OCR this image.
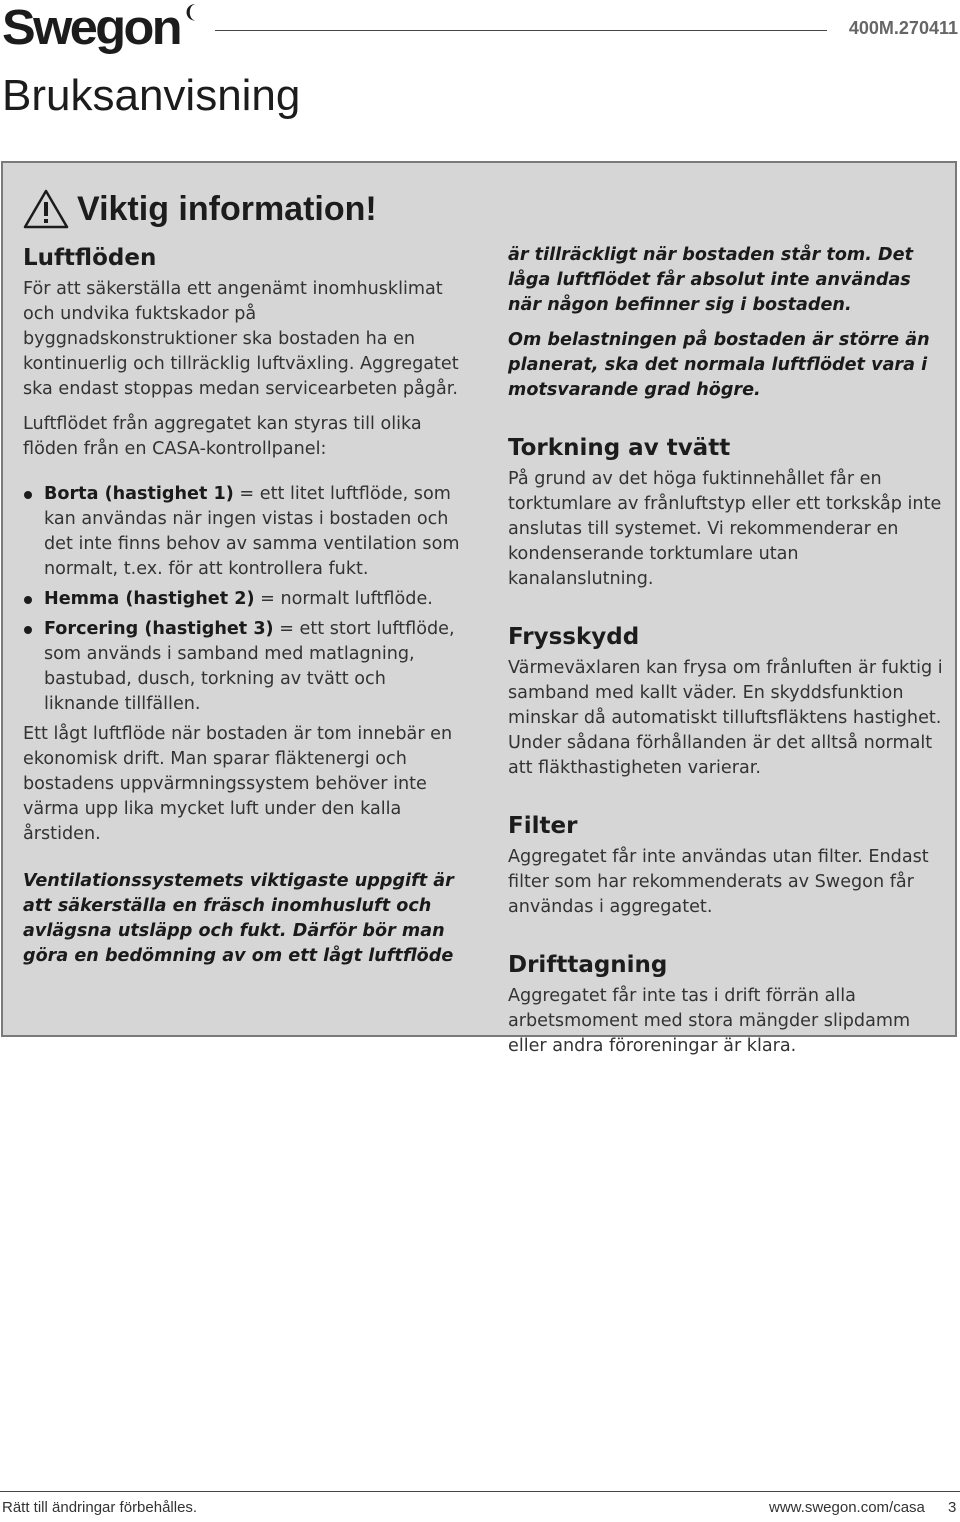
Swegon ❨
400M.270411
Bruksanvisning
Viktig information!
Luftflöden

För att säkerställa ett angenämt inomhusklimat och undvika fuktskador på byggnadskonstruktioner ska bostaden ha en kontinuerlig och tillräcklig luftväxling. Aggregatet ska endast stoppas medan servicearbeten pågår.

Luftflödet från aggregatet kan styras till olika flöden från en CASA-kontrollpanel:

Borta (hastighet 1) = ett litet luftflöde, som kan användas när ingen vistas i bostaden och det inte finns behov av samma ventilation som normalt, t.ex. för att kontrollera fukt.
Hemma (hastighet 2) = normalt luftflöde.
Forcering (hastighet 3) = ett stort luftflöde, som används i samband med matlagning, bastubad, dusch, torkning av tvätt och liknande tillfällen.

Ett lågt luftflöde när bostaden är tom innebär en ekonomisk drift. Man sparar fläktenergi och bostadens uppvärmningssystem behöver inte värma upp lika mycket luft under den kalla årstiden.

Ventilationssystemets viktigaste uppgift är att säkerställa en fräsch inomhusluft och avlägsna utsläpp och fukt. Därför bör man göra en bedömning av om ett lågt luftflöde

är tillräckligt när bostaden står tom. Det låga luftflödet får absolut inte användas när någon befinner sig i bostaden.

Om belastningen på bostaden är större än planerat, ska det normala luftflödet vara i motsvarande grad högre.

Torkning av tvätt

På grund av det höga fuktinnehållet får en torktumlare av frånluftstyp eller ett torkskåp inte anslutas till systemet. Vi rekommenderar en kondenserande torktumlare utan kanalanslutning.

Frysskydd

Värmeväxlaren kan frysa om frånluften är fuktig i samband med kallt väder. En skyddsfunktion minskar då automatiskt tilluftsfläktens hastighet. Under sådana förhållanden är det alltså normalt att fläkthastigheten varierar.

Filter

Aggregatet får inte användas utan filter. Endast filter som har rekommenderats av Swegon får användas i aggregatet.

Drifttagning

Aggregatet får inte tas i drift förrän alla arbetsmoment med stora mängder slipdamm eller andra föroreningar är klara.

Rätt till ändringar förbehålles.	www.swegon.com/casa 3
